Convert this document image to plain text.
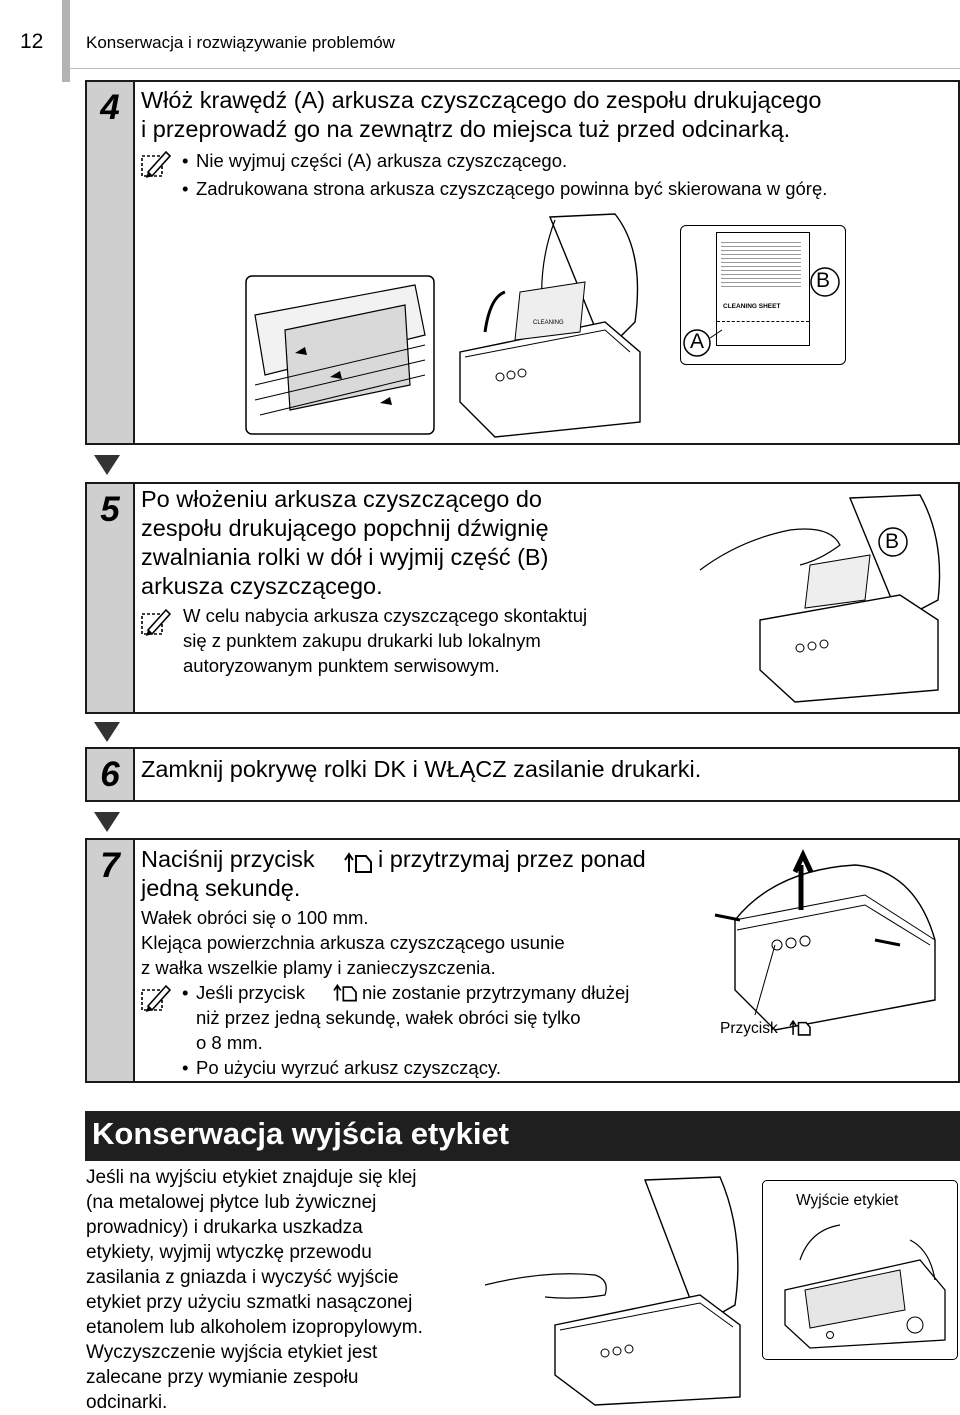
12	Konserwacja i rozwiązywanie problemów
4 Włóż krawędź (A) arkusza czyszczącego do zespołu drukującego
i przeprowadź go na zewnątrz do miejsca tuż przed odcinarką.
• Nie wyjmuj części (A) arkusza czyszczącego.
• Zadrukowana strona arkusza czyszczącego powinna być skierowana w górę.
CLEANING
CLEANING SHEET
A
B
5 Po włożeniu arkusza czyszczącego do
zespołu drukującego popchnij dźwignię
zwalniania rolki w dół i wyjmij część (B)
arkusza czyszczącego.
W celu nabycia arkusza czyszczącego skontaktuj
się z punktem zakupu drukarki lub lokalnym
autoryzowanym punktem serwisowym.
B
6 Zamknij pokrywę rolki DK i WŁĄCZ zasilanie drukarki.
7 Naciśnij przycisk	i przytrzymaj przez ponad
jedną sekundę.
Wałek obróci się o 100 mm.
Klejąca powierzchnia arkusza czyszczącego usunie
z wałka wszelkie plamy i zanieczyszczenia.
• Jeśli przycisk	nie zostanie przytrzymany dłużej
niż przez jedną sekundę, wałek obróci się tylko
o 8 mm.
• Po użyciu wyrzuć arkusz czyszczący.
Przycisk
Konserwacja wyjścia etykiet
Jeśli na wyjściu etykiet znajduje się klej
(na metalowej płytce lub żywicznej
prowadnicy) i drukarka uszkadza
etykiety, wyjmij wtyczkę przewodu
zasilania z gniazda i wyczyść wyjście
etykiet przy użyciu szmatki nasączonej
etanolem lub alkoholem izopropylowym.
Wyczyszczenie wyjścia etykiet jest
zalecane przy wymianie zespołu
odcinarki.
Wyjście etykiet
